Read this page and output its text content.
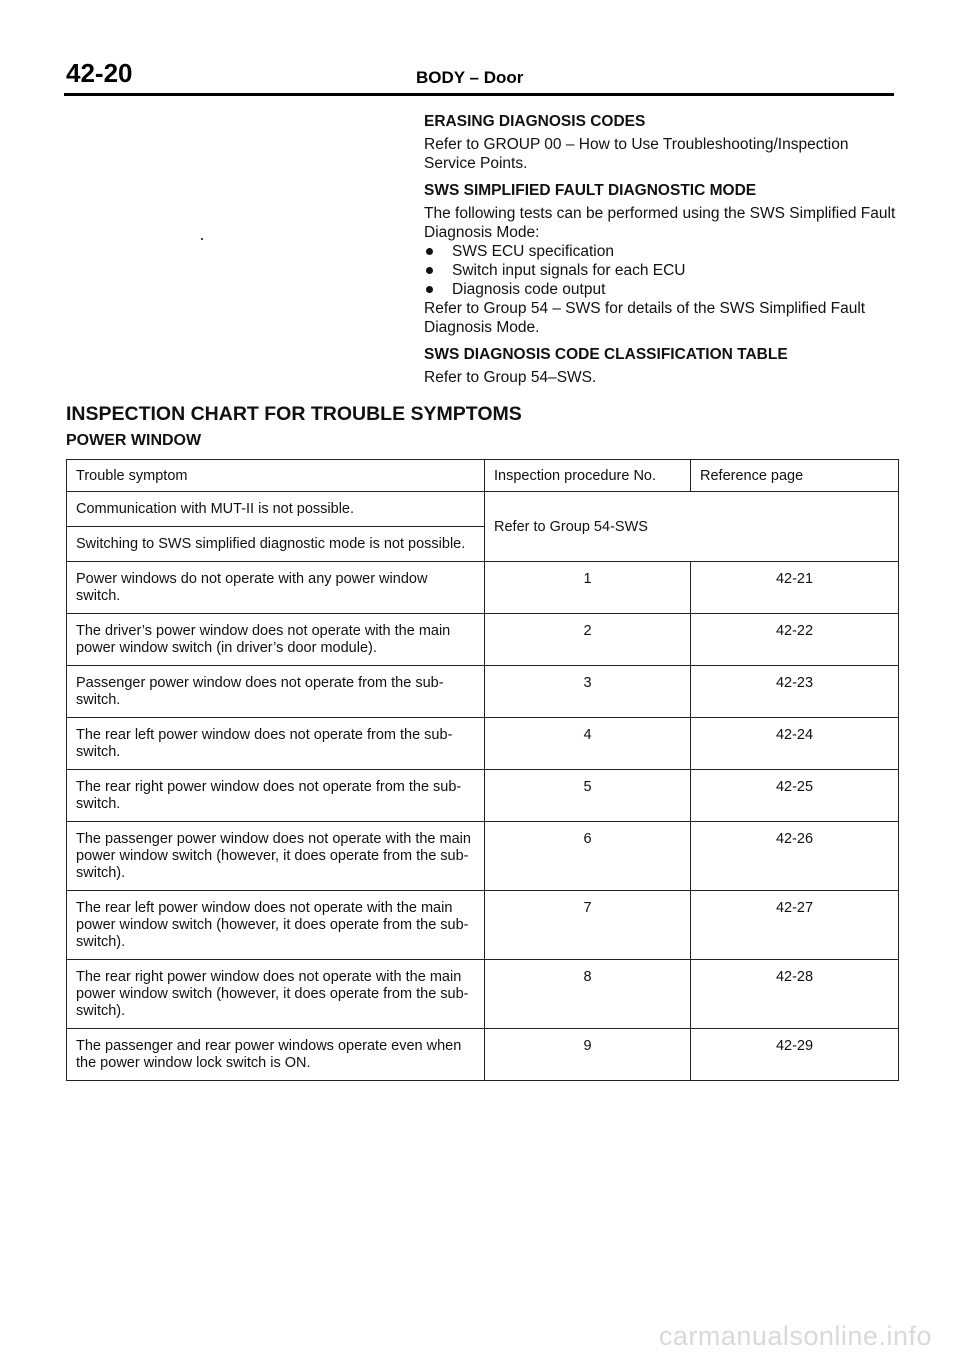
42-20	BODY – Door
ERASING DIAGNOSIS CODES

Refer to GROUP 00 – How to Use Troubleshooting/Inspection Service Points.

SWS SIMPLIFIED FAULT DIAGNOSTIC MODE

The following tests can be performed using the SWS Simplified Fault Diagnosis Mode:

SWS ECU specification
Switch input signals for each ECU
Diagnosis code output

Refer to Group 54 – SWS for details of the SWS Simplified Fault Diagnosis Mode.

SWS DIAGNOSIS CODE CLASSIFICATION TABLE

Refer to Group 54–SWS.

INSPECTION CHART FOR TROUBLE SYMPTOMS
POWER WINDOW
Trouble symptom	Inspection procedure No.	Reference page
Communication with MUT-II is not possible.	Refer to Group 54-SWS	
Switching to SWS simplified diagnostic mode is not possible.		
Power windows do not operate with any power window switch.	1	42-21
The driver’s power window does not operate with the main power window switch (in driver’s door module).	2	42-22
Passenger power window does not operate from the sub-switch.	3	42-23
The rear left power window does not operate from the sub-switch.	4	42-24
The rear right power window does not operate from the sub-switch.	5	42-25
The passenger power window does not operate with the main power window switch (however, it does operate from the sub-switch).	6	42-26
The rear left power window does not operate with the main power window switch (however, it does operate from the sub-switch).	7	42-27
The rear right power window does not operate with the main power window switch (however, it does operate from the sub-switch).	8	42-28
The passenger and rear power windows operate even when the power window lock switch is ON.	9	42-29
carmanualsonline.info
